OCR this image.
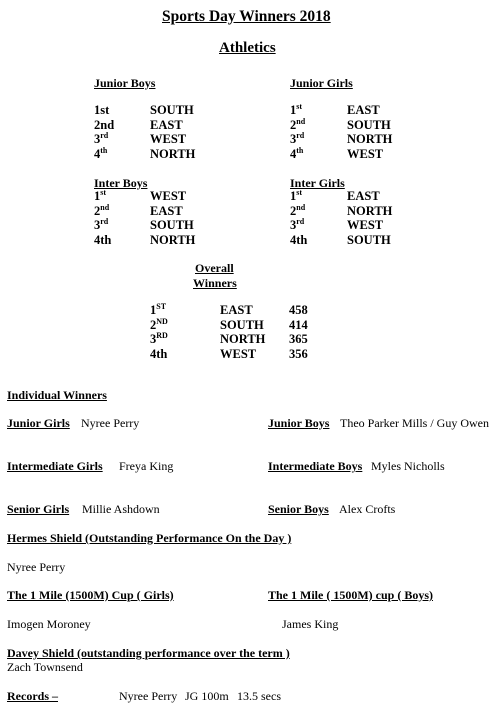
Sports Day Winners 2018
Athletics
Junior Boys
1st	SOUTH
2nd	EAST
3rd	WEST
4th	NORTH
Junior Girls
1st	EAST
2nd	SOUTH
3rd	NORTH
4th	WEST
Inter Boys
1st	WEST
2nd	EAST
3rd	SOUTH
4th	NORTH
Inter Girls
1st	EAST
2nd	NORTH
3rd	WEST
4th	SOUTH
Overall
Winners
1ST	EAST	458
2ND	SOUTH 414
3RD	NORTH 365
4th	WEST	356
Individual Winners
Junior Girls Nyree Perry	Junior Boys Theo Parker Mills / Guy Owen
Intermediate Girls Freya King	Intermediate Boys Myles Nicholls
Senior Girls Millie Ashdown	Senior Boys Alex Crofts
Hermes Shield (Outstanding Performance On the Day )
Nyree Perry
The 1 Mile (1500M) Cup ( Girls)	The 1 Mile ( 1500M) cup ( Boys)
Imogen Moroney	James King
Davey Shield (outstanding performance over the term )
Zach Townsend
Records –	Nyree Perry JG 100m 13.5 secs
